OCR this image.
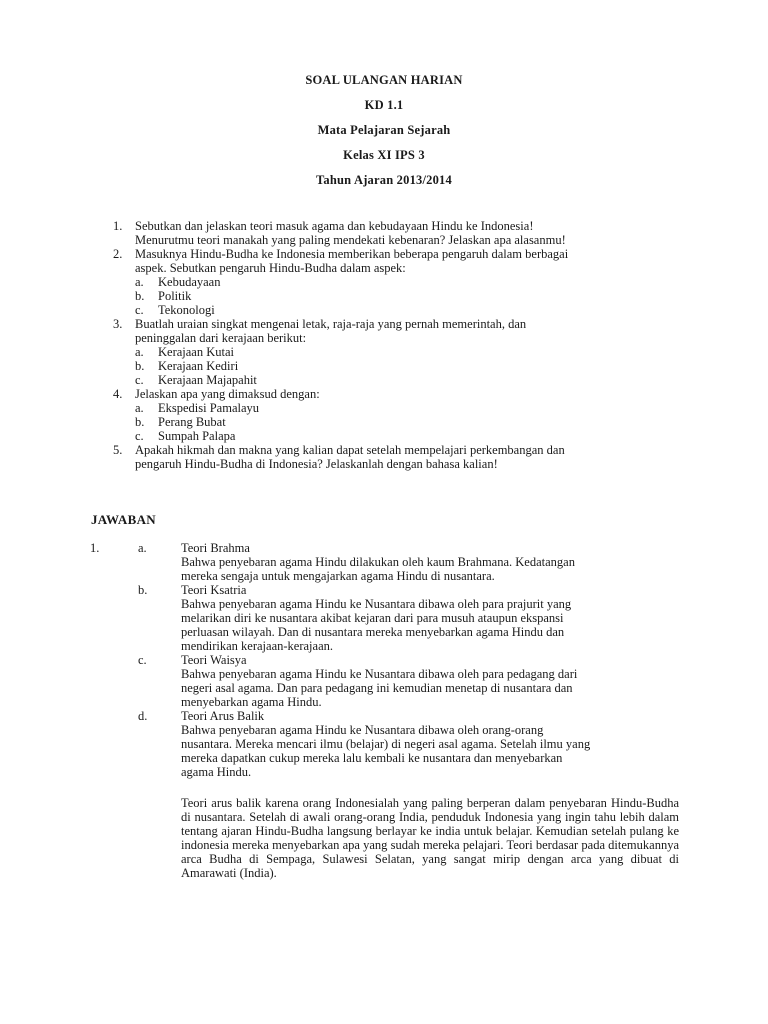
SOAL ULANGAN HARIAN
KD 1.1
Mata Pelajaran Sejarah
Kelas XI IPS 3
Tahun Ajaran 2013/2014
1. Sebutkan dan jelaskan teori masuk agama dan kebudayaan Hindu ke Indonesia!
Menurutmu teori manakah yang paling mendekati kebenaran? Jelaskan apa alasanmu!
2. Masuknya Hindu-Budha ke Indonesia memberikan beberapa pengaruh dalam berbagai
aspek. Sebutkan pengaruh Hindu-Budha dalam aspek:
a. Kebudayaan
b. Politik
c. Tekonologi
3. Buatlah uraian singkat mengenai letak, raja-raja yang pernah memerintah, dan
peninggalan dari kerajaan berikut:
a. Kerajaan Kutai
b. Kerajaan Kediri
c. Kerajaan Majapahit
4. Jelaskan apa yang dimaksud dengan:
a. Ekspedisi Pamalayu
b. Perang Bubat
c. Sumpah Palapa
5. Apakah hikmah dan makna yang kalian dapat setelah mempelajari perkembangan dan
pengaruh Hindu-Budha di Indonesia? Jelaskanlah dengan bahasa kalian!
JAWABAN
1.	a.	Teori Brahma
Bahwa penyebaran agama Hindu dilakukan oleh kaum Brahmana. Kedatangan
mereka sengaja untuk mengajarkan agama Hindu di nusantara.
b.	Teori Ksatria
Bahwa penyebaran agama Hindu ke Nusantara dibawa oleh para prajurit yang
melarikan diri ke nusantara akibat kejaran dari para musuh ataupun ekspansi
perluasan wilayah. Dan di nusantara mereka menyebarkan agama Hindu dan
mendirikan kerajaan-kerajaan.
c.	Teori Waisya
Bahwa penyebaran agama Hindu ke Nusantara dibawa oleh para pedagang dari
negeri asal agama. Dan para pedagang ini kemudian menetap di nusantara dan
menyebarkan agama Hindu.
d.	Teori Arus Balik
Bahwa penyebaran agama Hindu ke Nusantara dibawa oleh orang-orang
nusantara. Mereka mencari ilmu (belajar) di negeri asal agama. Setelah ilmu yang
mereka dapatkan cukup mereka lalu kembali ke nusantara dan menyebarkan
agama Hindu.
Teori arus balik karena orang Indonesialah yang paling berperan dalam penyebaran Hindu-Budha di nusantara. Setelah di awali orang-orang India, penduduk Indonesia yang ingin tahu lebih dalam tentang ajaran Hindu-Budha langsung berlayar ke india untuk belajar. Kemudian setelah pulang ke indonesia mereka menyebarkan apa yang sudah mereka pelajari. Teori berdasar pada ditemukannya arca Budha di Sempaga, Sulawesi Selatan, yang sangat mirip dengan arca yang dibuat di Amarawati (India).
